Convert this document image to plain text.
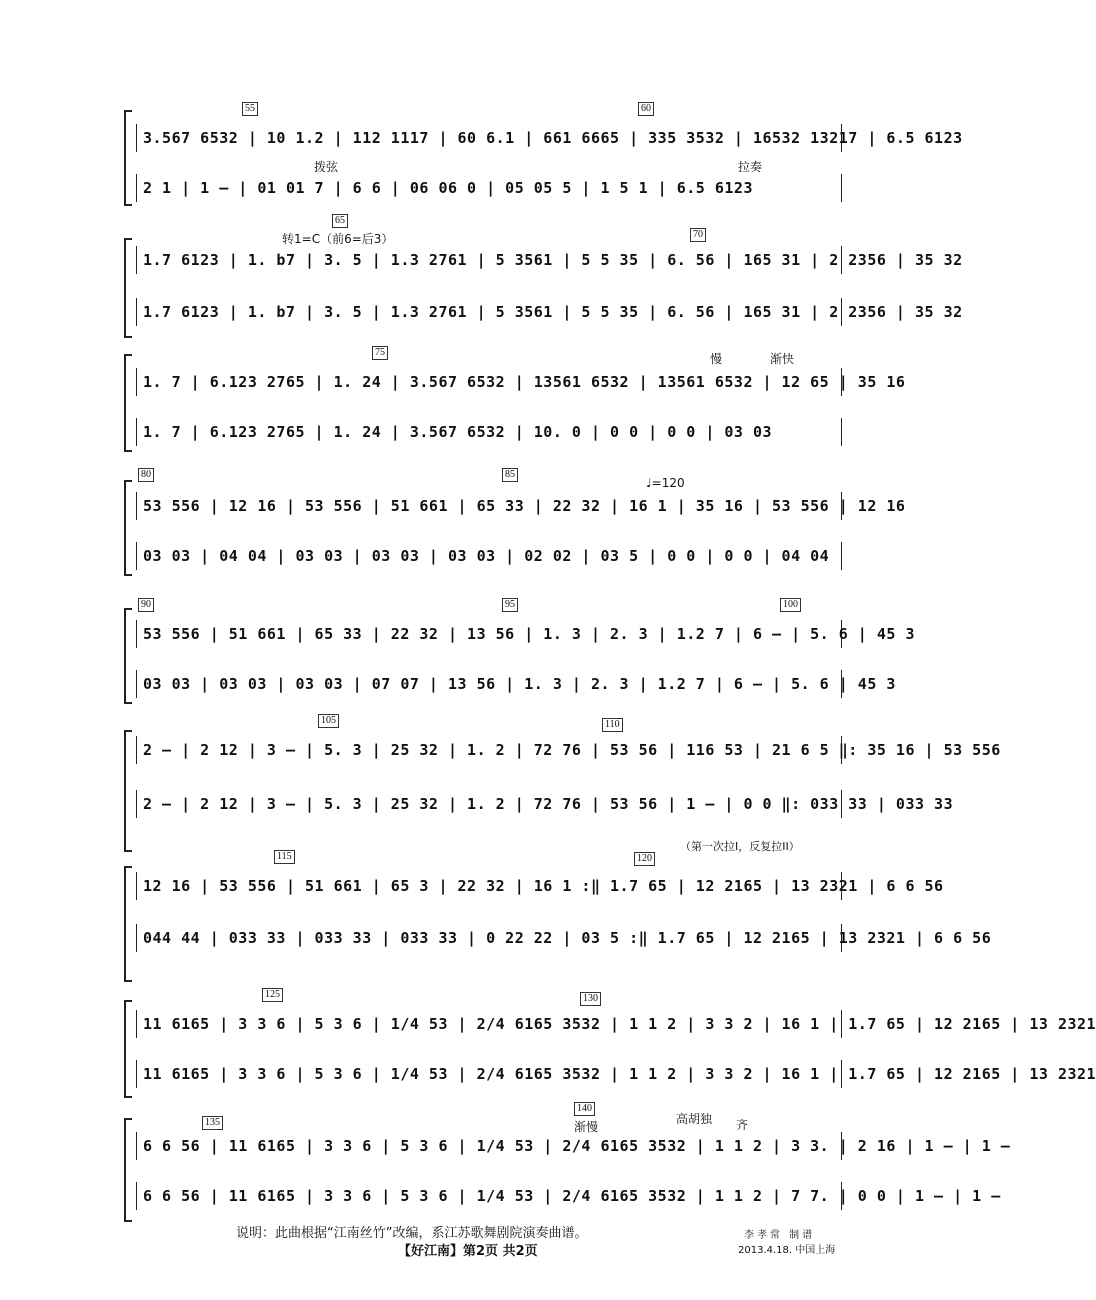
55	60
3.567 6532 | 10 1.2 | 112 1117 | 60 6.1 | 661 6665 | 335 3532 | 16532 13217 | 6.5 6123
拨弦	拉奏
2 1 | 1 – | 01 01 7 | 6 6 | 06 06 0 | 05 05 5 | 1 5 1 | 6.5 6123
65
70
转1=C（前6=后3）
1.7 6123 | 1. b7 | 3. 5 | 1.3 2761 | 5 3561 | 5 5 35 | 6. 56 | 165 31 | 2 2356 | 35 32
1.7 6123 | 1. b7 | 3. 5 | 1.3 2761 | 5 3561 | 5 5 35 | 6. 56 | 165 31 | 2 2356 | 35 32
75	慢	渐快
1. 7 | 6.123 2765 | 1. 24 | 3.567 6532 | 13561 6532 | 13561 6532 | 12 65 | 35 16
1. 7 | 6.123 2765 | 1. 24 | 3.567 6532 | 10. 0 | 0 0 | 0 0 | 03 03
80	85
♩=120
53 556 | 12 16 | 53 556 | 51 661 | 65 33 | 22 32 | 16 1 | 35 16 | 53 556 | 12 16
03 03 | 04 04 | 03 03 | 03 03 | 03 03 | 02 02 | 03 5 | 0 0 | 0 0 | 04 04
90	95	100
53 556 | 51 661 | 65 33 | 22 32 | 13 56 | 1. 3 | 2. 3 | 1.2 7 | 6 – | 5. 6 | 45 3
03 03 | 03 03 | 03 03 | 07 07 | 13 56 | 1. 3 | 2. 3 | 1.2 7 | 6 – | 5. 6 | 45 3
105	110
2 – | 2 12 | 3 – | 5. 3 | 25 32 | 1. 2 | 72 76 | 53 56 | 116 53 | 21 6 5 ‖: 35 16 | 53 556
2 – | 2 12 | 3 – | 5. 3 | 25 32 | 1. 2 | 72 76 | 53 56 | 1 – | 0 0 ‖: 033 33 | 033 33
（第一次拉I，反复拉II）
115	120
12 16 | 53 556 | 51 661 | 65 3 | 22 32 | 16 1 :‖ 1.7 65 | 12 2165 | 13 2321 | 6 6 56
044 44 | 033 33 | 033 33 | 033 33 | 0 22 22 | 03 5 :‖ 1.7 65 | 12 2165 | 13 2321 | 6 6 56
125	130
11 6165 | 3 3 6 | 5 3 6 | 1/4 53 | 2/4 6165 3532 | 1 1 2 | 3 3 2 | 16 1 | 1.7 65 | 12 2165 | 13 2321
11 6165 | 3 3 6 | 5 3 6 | 1/4 53 | 2/4 6165 3532 | 1 1 2 | 3 3 2 | 16 1 | 1.7 65 | 12 2165 | 13 2321
135
140
渐慢
高胡独 齐
6 6 56 | 11 6165 | 3 3 6 | 5 3 6 | 1/4 53 | 2/4 6165 3532 | 1 1 2 | 3 3. | 2 16 | 1 – | 1 –
6 6 56 | 11 6165 | 3 3 6 | 5 3 6 | 1/4 53 | 2/4 6165 3532 | 1 1 2 | 7 7. | 0 0 | 1 – | 1 –
说明：此曲根据“江南丝竹”改编，系江苏歌舞剧院演奏曲谱。
【好江南】第2页 共2页
李孝常 制谱
2013.4.18. 中国上海
